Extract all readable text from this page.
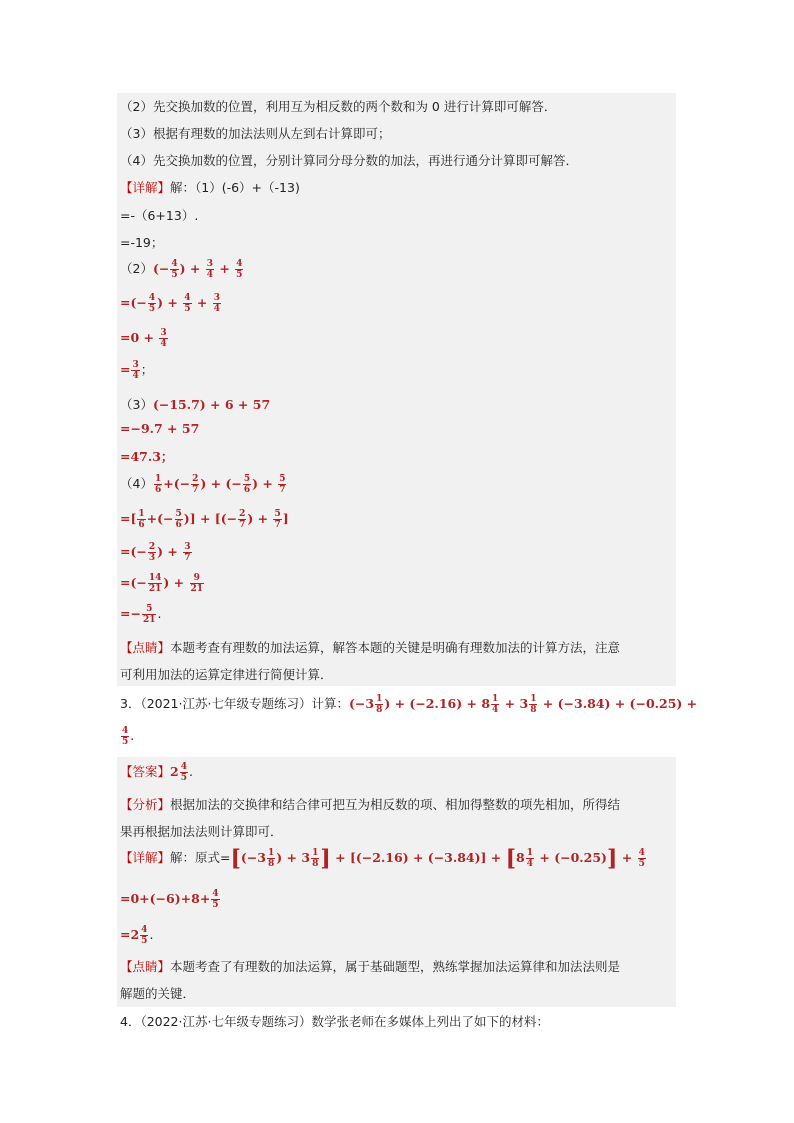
（2）先交换加数的位置，利用互为相反数的两个数和为 0 进行计算即可解答．
（3）根据有理数的加法法则从左到右计算即可；
（4）先交换加数的位置，分别计算同分母分数的加法，再进行通分计算即可解答．
【详解】解：（1）(-6）+（-13)
=-（6+13）.
=-19；
$(2)(- \frac{4}{5}$ ) + $\frac{3}{4} + \frac{4}{5}$
=(− $\frac{4}{5}$ ) + $\frac{4}{5} + \frac{3}{4}$
$=0 + \frac{3}{4}$
= $\frac{3}{4}$ ；
（3）(−15.7) + 6 + 57
=−9.7 + 57
=47.3；
$(4) \frac{1}{6}$ +(− $\frac{2}{7}$ ) + (− $\frac{5}{6}$ ) + $\frac{5}{7}$
=[ $\frac{1}{6}$ +(− $\frac{5}{6}$ )] + [(− $\frac{2}{7}$ ) + $\frac{5}{7}$ ]
=(− $\frac{2}{3}$ ) + $\frac{3}{7}$
=(− $\frac{14}{21}$ ) + $\frac{9}{21}$
=− $\frac{5}{21}$ .
【点睛】本题考查有理数的加法运算，解答本题的关键是明确有理数加法的计算方法，注意
可利用加法的运算定律进行简便计算．
3．（2021·江苏·七年级专题练习）计算：($-3 \frac{1}{8}$ ) + $(-2.16) + 8 \frac{1}{4} + 3 \frac{1}{8} + (-3.84) + (-0.25)$ +
$\frac{4}{5}$ .
【答案】$2 \frac{4}{5}$ .
【分析】根据加法的交换律和结合律可把互为相反数的项、相加得整数的项先相加，所得结
果再根据加法法则计算即可．
【详解】解：原式$=[(-3 \frac{1}{8}$ ) + $3 \frac{1}{8}$ ] + $[(-2.16) + (-3.84)] + [8 \frac{1}{4} + (-0.25)] + \frac{4}{5}$
$=0+(-6)+8+ \frac{4}{5}$
$=2 \frac{4}{5}$ .
【点睛】本题考查了有理数的加法运算，属于基础题型，熟练掌握加法运算律和加法法则是
解题的关键．
4．（2022·江苏·七年级专题练习）数学张老师在多媒体上列出了如下的材料：
